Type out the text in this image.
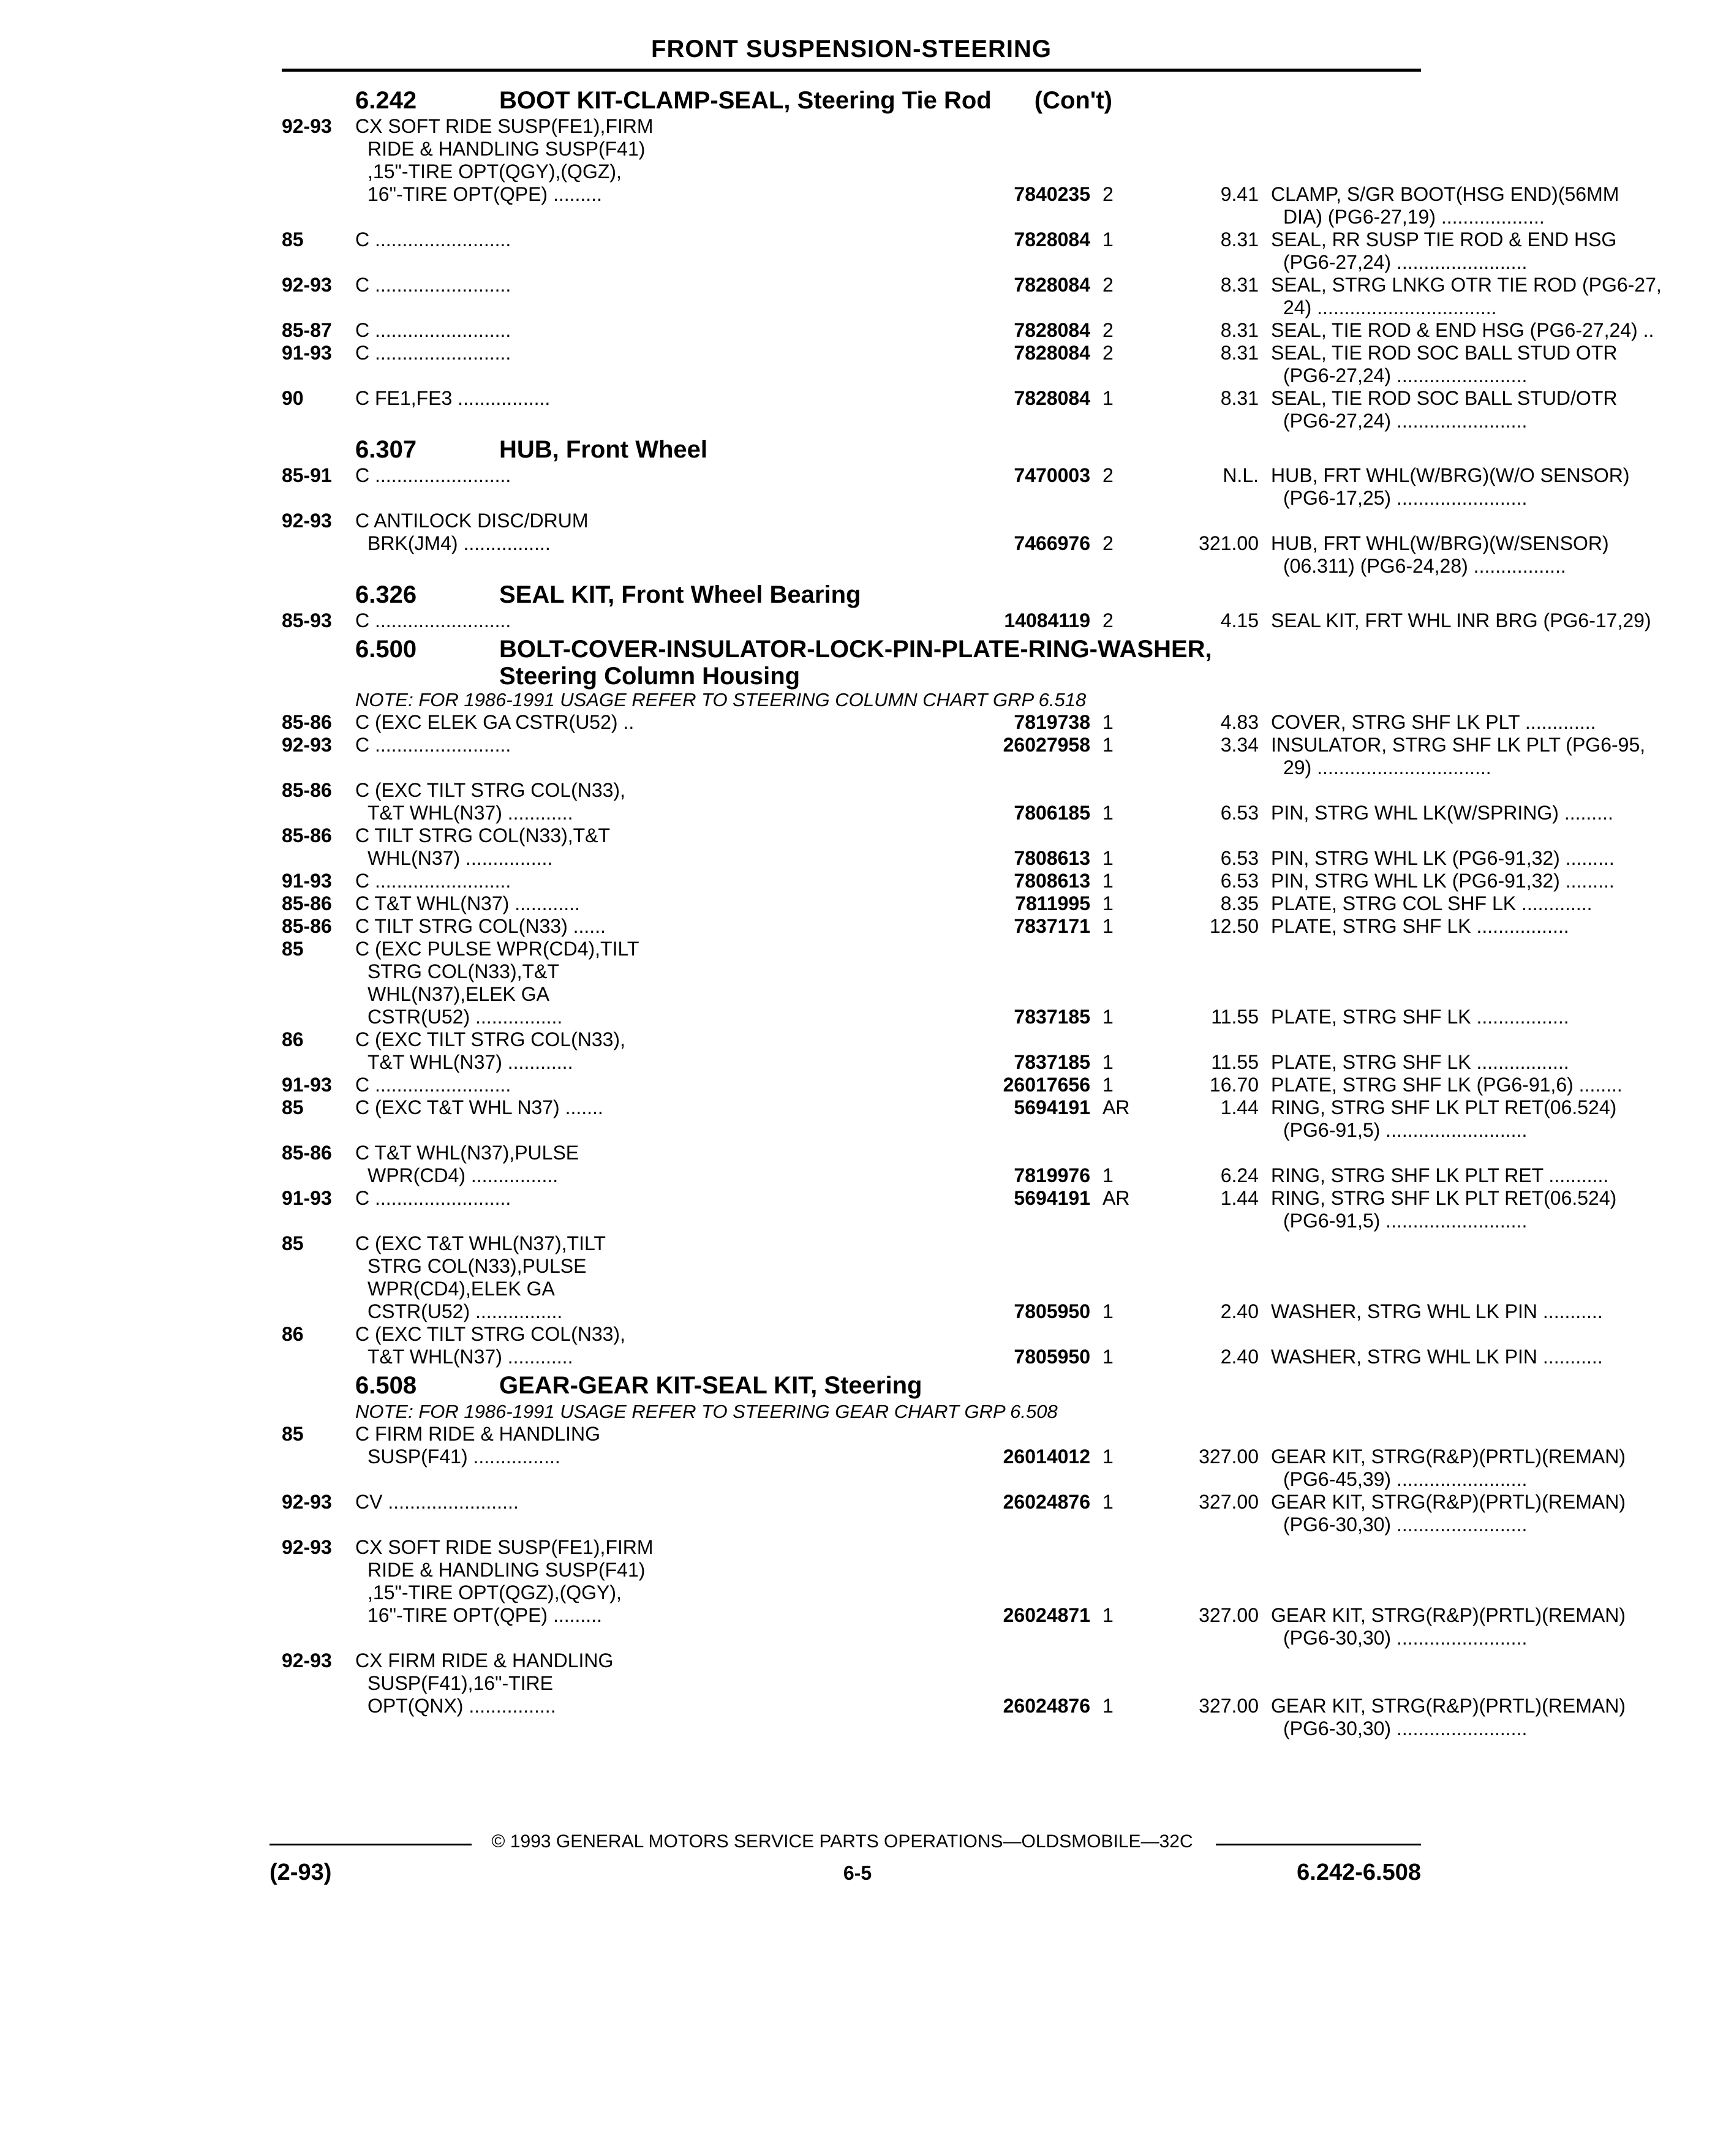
FRONT SUSPENSION-STEERING
6.242	BOOT KIT-CLAMP-SEAL, Steering Tie Rod (Con't)
92-93 CX SOFT RIDE SUSP(FE1),FIRM
RIDE & HANDLING SUSP(F41)
,15"-TIRE OPT(QGY),(QGZ),
16"-TIRE OPT(QPE) .........	7840235 2	9.41 CLAMP, S/GR BOOT(HSG END)(56MM
DIA) (PG6-27,19) ...................
85	C .........................	7828084 1	8.31 SEAL, RR SUSP TIE ROD & END HSG
(PG6-27,24) ........................
92-93 C .........................	7828084 2	8.31 SEAL, STRG LNKG OTR TIE ROD (PG6-27,
24) .................................
85-87 C .........................	7828084 2	8.31 SEAL, TIE ROD & END HSG (PG6-27,24) ..
91-93 C .........................	7828084 2	8.31 SEAL, TIE ROD SOC BALL STUD OTR
(PG6-27,24) ........................
90	C FE1,FE3 .................	7828084 1	8.31 SEAL, TIE ROD SOC BALL STUD/OTR
(PG6-27,24) ........................
6.307	HUB, Front Wheel
85-91 C .........................	7470003 2	N.L. HUB, FRT WHL(W/BRG)(W/O SENSOR)
(PG6-17,25) ........................
92-93 C ANTILOCK DISC/DRUM
BRK(JM4) ................	7466976 2	321.00 HUB, FRT WHL(W/BRG)(W/SENSOR)
(06.311) (PG6-24,28) .................
6.326	SEAL KIT, Front Wheel Bearing
85-93 C .........................	14084119 2	4.15 SEAL KIT, FRT WHL INR BRG (PG6-17,29)
6.500	BOLT-COVER-INSULATOR-LOCK-PIN-PLATE-RING-WASHER,
Steering Column Housing
NOTE: FOR 1986-1991 USAGE REFER TO STEERING COLUMN CHART GRP 6.518
85-86 C (EXC ELEK GA CSTR(U52) ..	7819738 1	4.83 COVER, STRG SHF LK PLT .............
92-93 C .........................	26027958 1	3.34 INSULATOR, STRG SHF LK PLT (PG6-95,
29) ................................
85-86 C (EXC TILT STRG COL(N33),
T&T WHL(N37) ............	7806185 1	6.53 PIN, STRG WHL LK(W/SPRING) .........
85-86 C TILT STRG COL(N33),T&T
WHL(N37) ................	7808613 1	6.53 PIN, STRG WHL LK (PG6-91,32) .........
91-93 C .........................	7808613 1	6.53 PIN, STRG WHL LK (PG6-91,32) .........
85-86 C T&T WHL(N37) ............	7811995 1	8.35 PLATE, STRG COL SHF LK .............
85-86 C TILT STRG COL(N33) ......	7837171 1	12.50 PLATE, STRG SHF LK .................
85	C (EXC PULSE WPR(CD4),TILT
STRG COL(N33),T&T
WHL(N37),ELEK GA
CSTR(U52) ................	7837185 1	11.55 PLATE, STRG SHF LK .................
86	C (EXC TILT STRG COL(N33),
T&T WHL(N37) ............	7837185 1	11.55 PLATE, STRG SHF LK .................
91-93 C .........................	26017656 1	16.70 PLATE, STRG SHF LK (PG6-91,6) ........
85	C (EXC T&T WHL N37) .......	5694191 AR	1.44 RING, STRG SHF LK PLT RET(06.524)
(PG6-91,5) ..........................
85-86 C T&T WHL(N37),PULSE
WPR(CD4) ................	7819976 1	6.24 RING, STRG SHF LK PLT RET ...........
91-93 C .........................	5694191 AR	1.44 RING, STRG SHF LK PLT RET(06.524)
(PG6-91,5) ..........................
85	C (EXC T&T WHL(N37),TILT
STRG COL(N33),PULSE
WPR(CD4),ELEK GA
CSTR(U52) ................	7805950 1	2.40 WASHER, STRG WHL LK PIN ...........
86	C (EXC TILT STRG COL(N33),
T&T WHL(N37) ............	7805950 1	2.40 WASHER, STRG WHL LK PIN ...........
6.508	GEAR-GEAR KIT-SEAL KIT, Steering
NOTE: FOR 1986-1991 USAGE REFER TO STEERING GEAR CHART GRP 6.508
85	C FIRM RIDE & HANDLING
SUSP(F41) ................	26014012 1	327.00 GEAR KIT, STRG(R&P)(PRTL)(REMAN)
(PG6-45,39) ........................
92-93 CV ........................	26024876 1	327.00 GEAR KIT, STRG(R&P)(PRTL)(REMAN)
(PG6-30,30) ........................
92-93 CX SOFT RIDE SUSP(FE1),FIRM
RIDE & HANDLING SUSP(F41)
,15"-TIRE OPT(QGZ),(QGY),
16"-TIRE OPT(QPE) .........	26024871 1	327.00 GEAR KIT, STRG(R&P)(PRTL)(REMAN)
(PG6-30,30) ........................
92-93 CX FIRM RIDE & HANDLING
SUSP(F41),16"-TIRE
OPT(QNX) ................	26024876 1	327.00 GEAR KIT, STRG(R&P)(PRTL)(REMAN)
(PG6-30,30) ........................
© 1993 GENERAL MOTORS SERVICE PARTS OPERATIONS—OLDSMOBILE—32C
(2-93)	6-5	6.242-6.508
